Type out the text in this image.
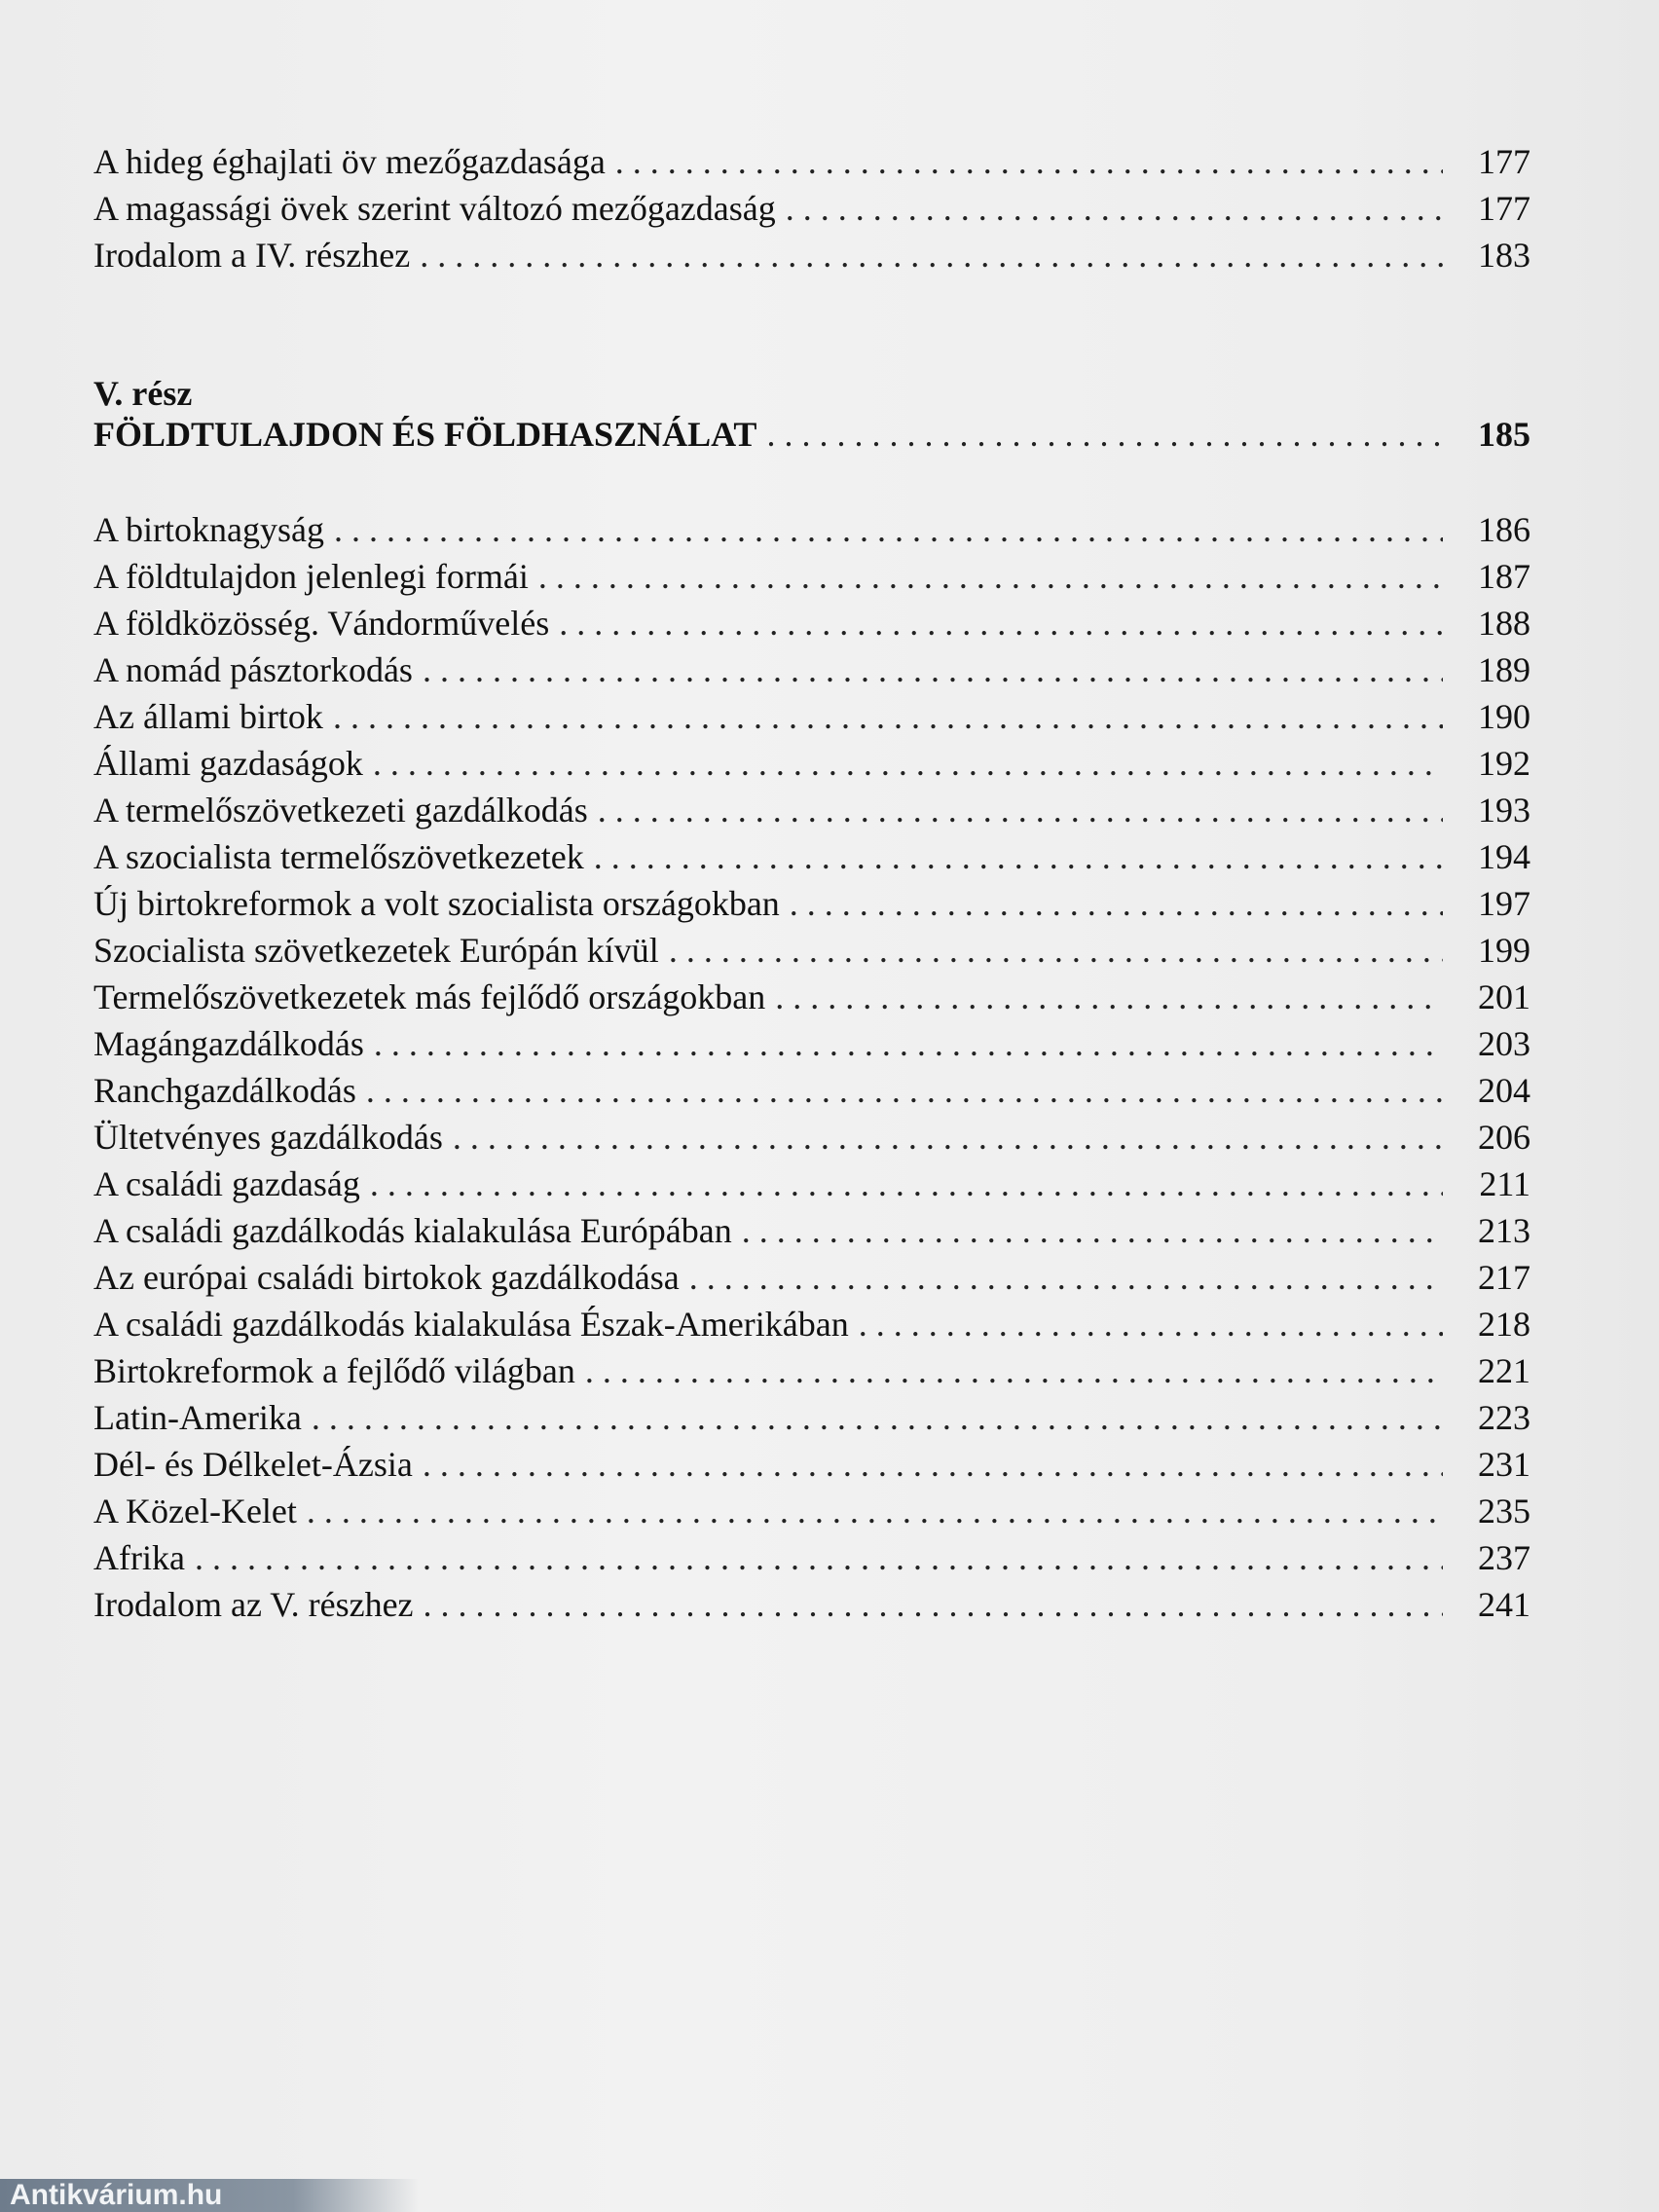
A hideg éghajlati öv mezőgazdasága . . .	177
A magassági övek szerint változó mezőgazdaság . . .	177
Irodalom a IV. részhez . . .	183
V. rész
FÖLDTULAJDON ÉS FÖLDHASZNÁLAT . . .	185
A birtoknagyság . . .	186
A földtulajdon jelenlegi formái . . .	187
A földközösség. Vándorművelés . . .	188
A nomád pásztorkodás . . .	189
Az állami birtok . . .	190
Állami gazdaságok . . .	192
A termelőszövetkezeti gazdálkodás . . .	193
A szocialista termelőszövetkezetek . . .	194
Új birtokreformok a volt szocialista országokban . . .	197
Szocialista szövetkezetek Európán kívül . . .	199
Termelőszövetkezetek más fejlődő országokban . . .	201
Magángazdálkodás . . .	203
Ranchgazdálkodás . . .	204
Ültetvényes gazdálkodás . . .	206
A családi gazdaság . . .	211
A családi gazdálkodás kialakulása Európában . . .	213
Az európai családi birtokok gazdálkodása . . .	217
A családi gazdálkodás kialakulása Észak-Amerikában . . .	218
Birtokreformok a fejlődő világban . . .	221
Latin-Amerika . . .	223
Dél- és Délkelet-Ázsia . . .	231
A Közel-Kelet . . .	235
Afrika . . .	237
Irodalom az V. részhez . . .	241
Antikvárium.hu
